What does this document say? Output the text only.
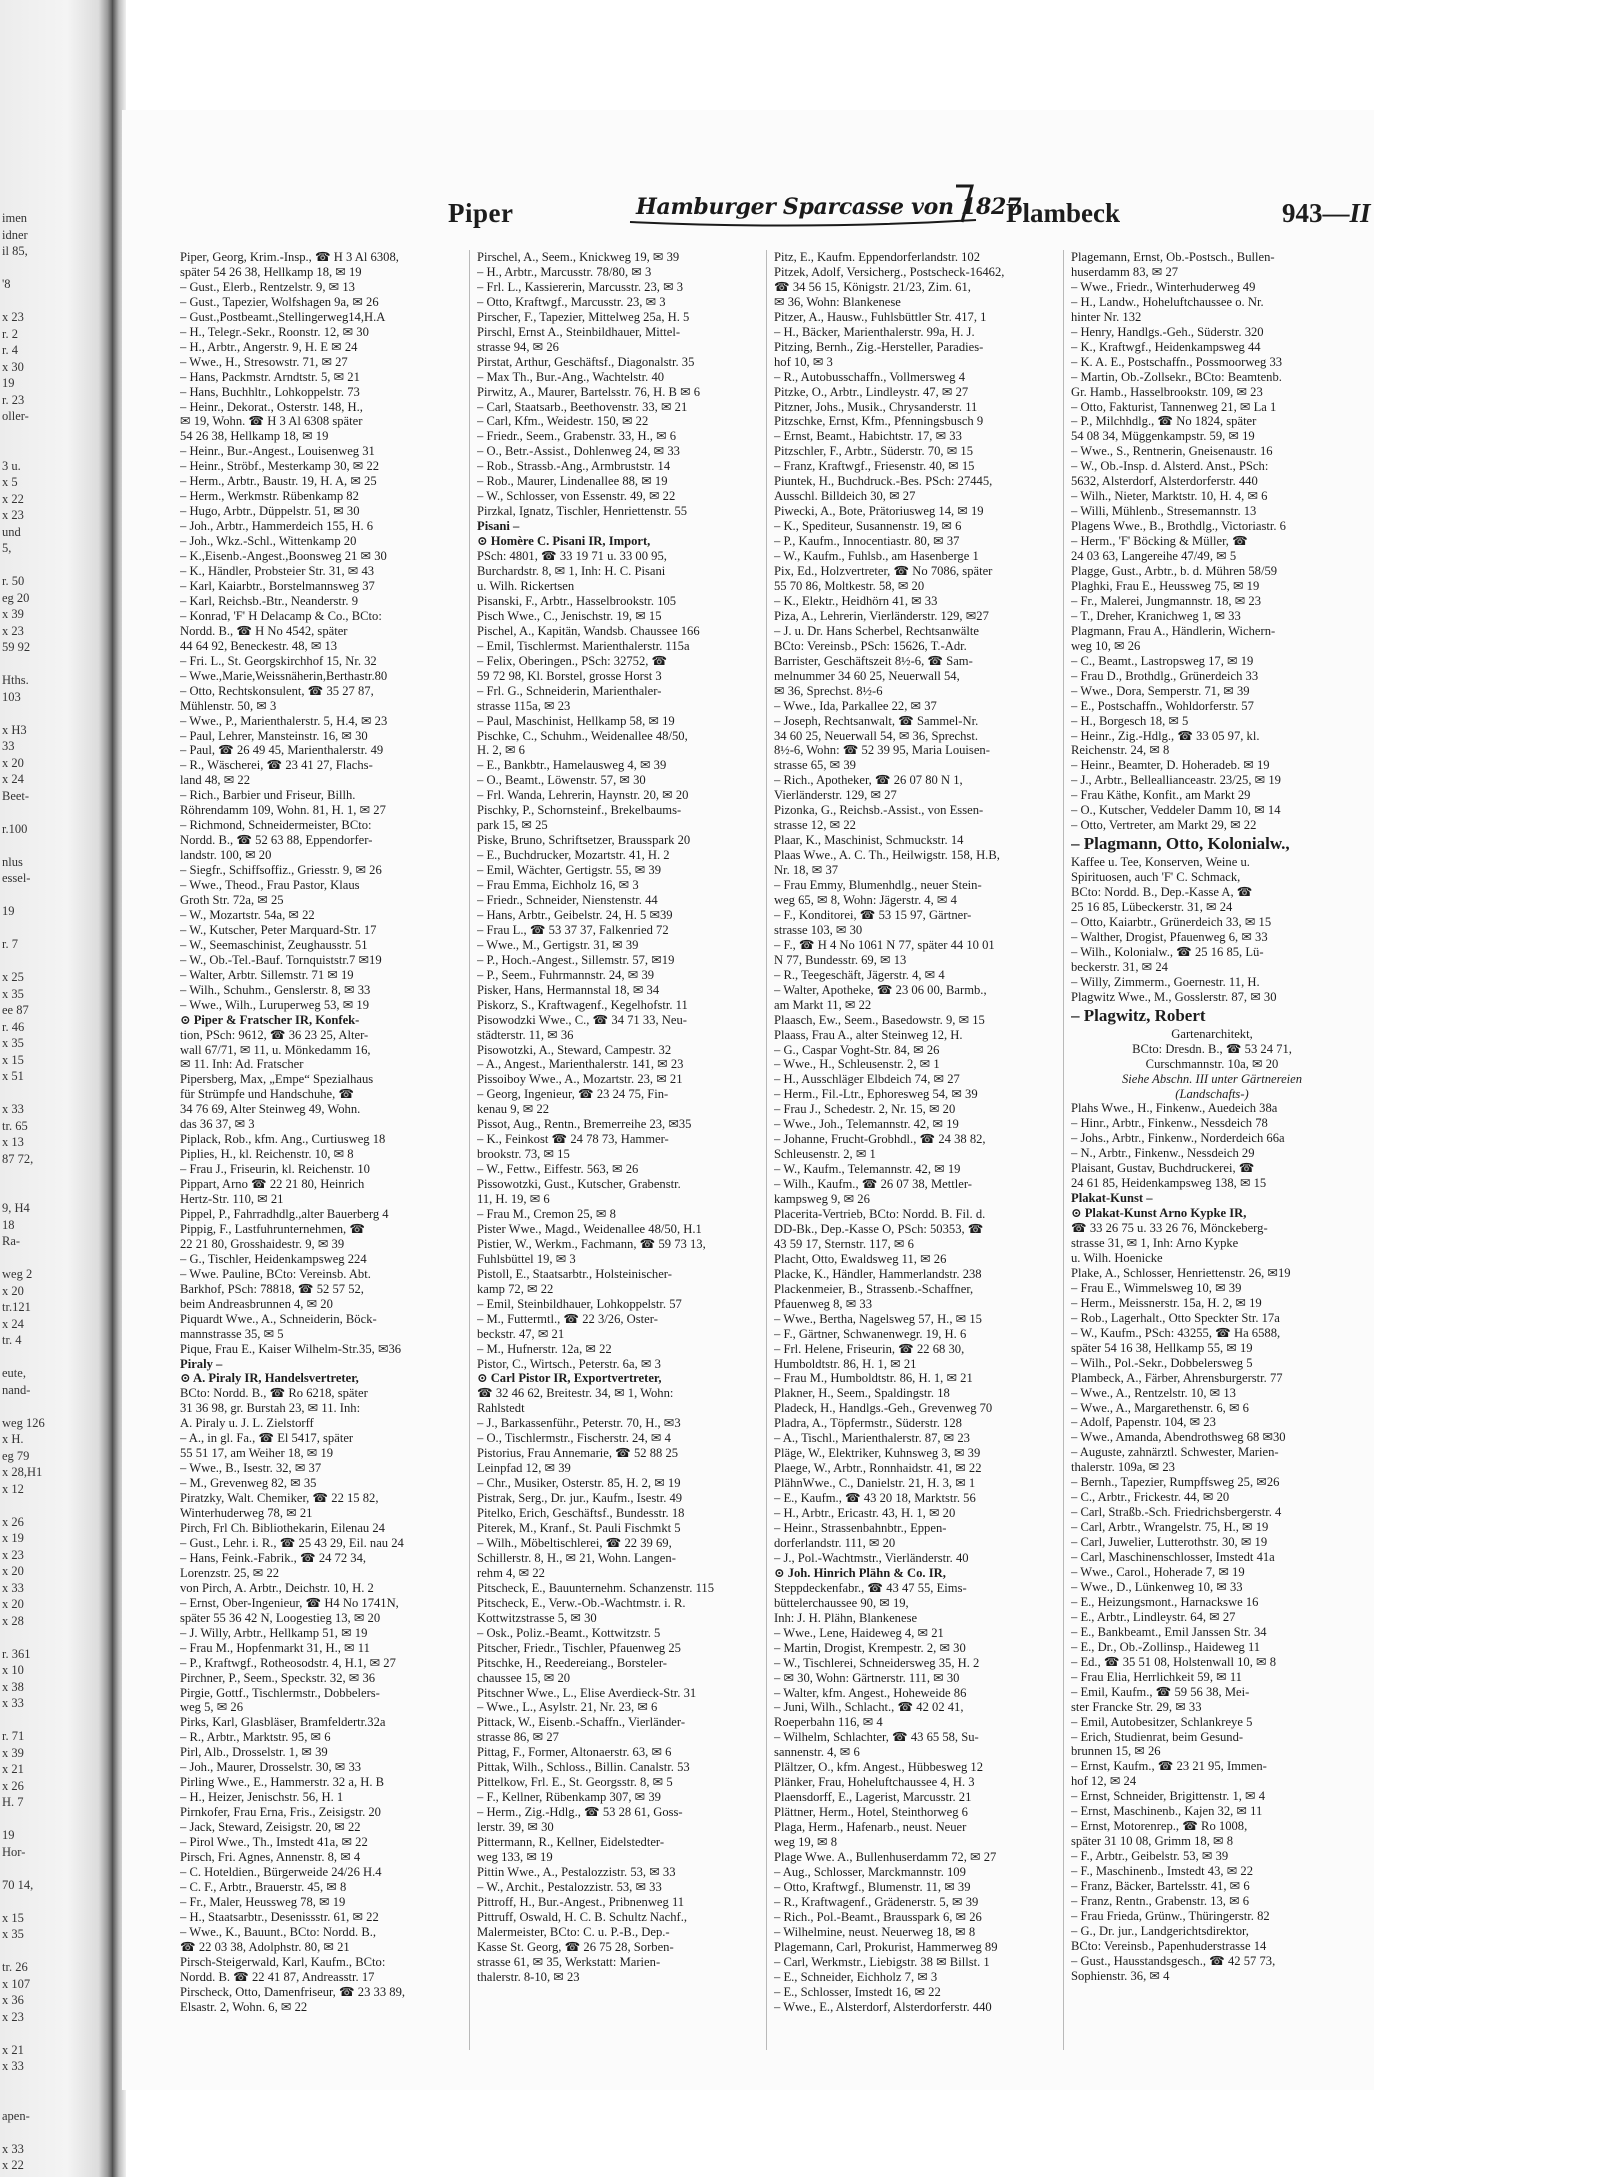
imen
idner
il 85,

'8

x 23
r. 2
r. 4
x 30
19
r. 23
oller-

3 u.
x 5
x 22
x 23
und
5,

r. 50
eg 20
x 39
x 23
59 92

Hths.
103

x H3
33
x 20
x 24
Beet-

r.100

nlus
essel-

19

r. 7

x 25
x 35
ee 87
r. 46
x 35
x 15
x 51

x 33
tr. 65
x 13
87 72,

9, H4
18
Ra-

weg 2
x 20
tr.121
x 24
tr. 4

eute,
nand-

weg 126
x H.
eg 79
x 28,H1
x 12

x 26
x 19
x 23
x 20
x 33
x 20
x 28

r. 361
x 10
x 38
x 33

r. 71
x 39
x 21
x 26
H. 7

19
Hor-

70 14,

x 15
x 35

tr. 26
x 107
x 36
x 23

x 21
x 33

apen-

x 33
x 22
Piper	Hamburger Sparcasse von 1827
Plambeck	943—II
Piper, Georg, Krim.-Insp., ☎ H 3 Al 6308,
später 54 26 38, Hellkamp 18, ✉ 19
– Gust., Elerb., Rentzelstr. 9, ✉ 13
– Gust., Tapezier, Wolfshagen 9a, ✉ 26
– Gust.,Postbeamt.,Stellingerweg14,H.A
– H., Telegr.-Sekr., Roonstr. 12, ✉ 30
– H., Arbtr., Angerstr. 9, H. E ✉ 24
– Wwe., H., Stresowstr. 71, ✉ 27
– Hans, Packmstr. Arndtstr. 5, ✉ 21
– Hans, Buchhltr., Lohkoppelstr. 73
– Heinr., Dekorat., Osterstr. 148, H.,
✉ 19, Wohn. ☎ H 3 Al 6308 später
54 26 38, Hellkamp 18, ✉ 19
– Heinr., Bur.-Angest., Louisenweg 31
– Heinr., Ströbf., Mesterkamp 30, ✉ 22
– Herm., Arbtr., Baustr. 19, H. A, ✉ 25
– Herm., Werkmstr. Rübenkamp 82
– Hugo, Arbtr., Düppelstr. 51, ✉ 30
– Joh., Arbtr., Hammerdeich 155, H. 6
– Joh., Wkz.-Schl., Wittenkamp 20
– K.,Eisenb.-Angest.,Boonsweg 21 ✉ 30
– K., Händler, Probsteier Str. 31, ✉ 43
– Karl, Kaiarbtr., Borstelmannsweg 37
– Karl, Reichsb.-Btr., Neanderstr. 9
– Konrad, 'F' H Delacamp & Co., BCto:
Nordd. B., ☎ H No 4542, später
44 64 92, Beneckestr. 48, ✉ 13
– Fri. L., St. Georgskirchhof 15, Nr. 32
– Wwe.,Marie,Weissnäherin,Berthastr.80
– Otto, Rechtskonsulent, ☎ 35 27 87,
Mühlenstr. 50, ✉ 3
– Wwe., P., Marienthalerstr. 5, H.4, ✉ 23
– Paul, Lehrer, Mansteinstr. 16, ✉ 30
– Paul, ☎ 26 49 45, Marienthalerstr. 49
– R., Wäscherei, ☎ 23 41 27, Flachs-
land 48, ✉ 22
– Rich., Barbier und Friseur, Billh.
Röhrendamm 109, Wohn. 81, H. 1, ✉ 27
– Richmond, Schneidermeister, BCto:
Nordd. B., ☎ 52 63 88, Eppendorfer-
landstr. 100, ✉ 20
– Siegfr., Schiffsoffiz., Griesstr. 9, ✉ 26
– Wwe., Theod., Frau Pastor, Klaus
Groth Str. 72a, ✉ 25
– W., Mozartstr. 54a, ✉ 22
– W., Kutscher, Peter Marquard-Str. 17
– W., Seemaschinist, Zeughausstr. 51
– W., Ob.-Tel.-Bauf. Tornquiststr.7 ✉19
– Walter, Arbtr. Sillemstr. 71 ✉ 19
– Wilh., Schuhm., Genslerstr. 8, ✉ 33
– Wwe., Wilh., Luruperweg 53, ✉ 19
⊙ Piper & Fratscher IR, Konfek-
tion, PSch: 9612, ☎ 36 23 25, Alter-
wall 67/71, ✉ 11, u. Mönkedamm 16,
✉ 11. Inh: Ad. Fratscher
Pipersberg, Max, „Empe“ Spezialhaus
für Strümpfe und Handschuhe, ☎
34 76 69, Alter Steinweg 49, Wohn.
das 36 37, ✉ 3
Piplack, Rob., kfm. Ang., Curtiusweg 18
Piplies, H., kl. Reichenstr. 10, ✉ 8
– Frau J., Friseurin, kl. Reichenstr. 10
Pippart, Arno ☎ 22 21 80, Heinrich
Hertz-Str. 110, ✉ 21
Pippel, P., Fahrradhdlg.,alter Bauerberg 4
Pippig, F., Lastfuhrunternehmen, ☎
22 21 80, Grosshaidestr. 9, ✉ 39
– G., Tischler, Heidenkampsweg 224
– Wwe. Pauline, BCto: Vereinsb. Abt.
Barkhof, PSch: 78818, ☎ 52 57 52,
beim Andreasbrunnen 4, ✉ 20
Piquardt Wwe., A., Schneiderin, Böck-
mannstrasse 35, ✉ 5
Pique, Frau E., Kaiser Wilhelm-Str.35, ✉36
Piraly –
⊙ A. Piraly IR, Handelsvertreter,
BCto: Nordd. B., ☎ Ro 6218, später
31 36 98, gr. Burstah 23, ✉ 11. Inh:
A. Piraly u. J. L. Zielstorff
– A., in gl. Fa., ☎ El 5417, später
55 51 17, am Weiher 18, ✉ 19
– Wwe., B., Isestr. 32, ✉ 37
– M., Grevenweg 82, ✉ 35
Piratzky, Walt. Chemiker, ☎ 22 15 82,
Winterhuderweg 78, ✉ 21
Pirch, Frl Ch. Bibliothekarin, Eilenau 24
– Gust., Lehr. i. R., ☎ 25 43 29, Eil. nau 24
– Hans, Feink.-Fabrik., ☎ 24 72 34,
Lorenzstr. 25, ✉ 22
von Pirch, A. Arbtr., Deichstr. 10, H. 2
– Ernst, Ober-Ingenieur, ☎ H4 No 1741N,
später 55 36 42 N, Loogestieg 13, ✉ 20
– J. Willy, Arbtr., Hellkamp 51, ✉ 19
– Frau M., Hopfenmarkt 31, H., ✉ 11
– P., Kraftwgf., Rotheosodstr. 4, H.1, ✉ 27
Pirchner, P., Seem., Speckstr. 32, ✉ 36
Pirgie, Gottf., Tischlermstr., Dobbelers-
weg 5, ✉ 26
Pirks, Karl, Glasbläser, Bramfeldertr.32a
– R., Arbtr., Marktstr. 95, ✉ 6
Pirl, Alb., Drosselstr. 1, ✉ 39
– Joh., Maurer, Drosselstr. 30, ✉ 33
Pirling Wwe., E., Hammerstr. 32 a, H. B
– H., Heizer, Jenischstr. 56, H. 1
Pirnkofer, Frau Erna, Fris., Zeisigstr. 20
– Jack, Steward, Zeisigstr. 20, ✉ 22
– Pirol Wwe., Th., Imstedt 41a, ✉ 22
Pirsch, Fri. Agnes, Annenstr. 8, ✉ 4
– C. Hoteldien., Bürgerweide 24/26 H.4
– C. F., Arbtr., Brauerstr. 45, ✉ 8
– Fr., Maler, Heussweg 78, ✉ 19
– H., Staatsarbtr., Desenissstr. 61, ✉ 22
– Wwe., K., Bauunt., BCto: Nordd. B.,
☎ 22 03 38, Adolphstr. 80, ✉ 21
Pirsch-Steigerwald, Karl, Kaufm., BCto:
Nordd. B. ☎ 22 41 87, Andreasstr. 17
Pirscheck, Otto, Damenfriseur, ☎ 23 33 89,
Elsastr. 2, Wohn. 6, ✉ 22
Pirschel, A., Seem., Knickweg 19, ✉ 39
– H., Arbtr., Marcusstr. 78/80, ✉ 3
– Frl. L., Kassiererin, Marcusstr. 23, ✉ 3
– Otto, Kraftwgf., Marcusstr. 23, ✉ 3
Pirscher, F., Tapezier, Mittelweg 25a, H. 5
Pirschl, Ernst A., Steinbildhauer, Mittel-
strasse 94, ✉ 26
Pirstat, Arthur, Geschäftsf., Diagonalstr. 35
– Max Th., Bur.-Ang., Wachtelstr. 40
Pirwitz, A., Maurer, Bartelsstr. 76, H. B ✉ 6
– Carl, Staatsarb., Beethovenstr. 33, ✉ 21
– Carl, Kfm., Weidestr. 150, ✉ 22
– Friedr., Seem., Grabenstr. 33, H., ✉ 6
– O., Betr.-Assist., Dohlenweg 24, ✉ 33
– Rob., Strassb.-Ang., Armbruststr. 14
– Rob., Maurer, Lindenallee 88, ✉ 19
– W., Schlosser, von Essenstr. 49, ✉ 22
Pirzkal, Ignatz, Tischler, Henriettenstr. 55
Pisani –
⊙ Homère C. Pisani IR, Import,
PSch: 4801, ☎ 33 19 71 u. 33 00 95,
Burchardstr. 8, ✉ 1, Inh: H. C. Pisani
u. Wilh. Rickertsen
Pisanski, F., Arbtr., Hasselbrookstr. 105
Pisch Wwe., C., Jenischstr. 19, ✉ 15
Pischel, A., Kapitän, Wandsb. Chaussee 166
– Emil, Tischlermst. Marienthalerstr. 115a
– Felix, Oberingen., PSch: 32752, ☎
59 72 98, Kl. Borstel, grosse Horst 3
– Frl. G., Schneiderin, Marienthaler-
strasse 115a, ✉ 23
– Paul, Maschinist, Hellkamp 58, ✉ 19
Pischke, C., Schuhm., Weidenallee 48/50,
H. 2, ✉ 6
– E., Bankbtr., Hamelausweg 4, ✉ 39
– O., Beamt., Löwenstr. 57, ✉ 30
– Frl. Wanda, Lehrerin, Haynstr. 20, ✉ 20
Pischky, P., Schornsteinf., Brekelbaums-
park 15, ✉ 25
Piske, Bruno, Schriftsetzer, Brausspark 20
– E., Buchdrucker, Mozartstr. 41, H. 2
– Emil, Wächter, Gertigstr. 55, ✉ 39
– Frau Emma, Eichholz 16, ✉ 3
– Friedr., Schneider, Nienstenstr. 44
– Hans, Arbtr., Geibelstr. 24, H. 5 ✉39
– Frau L., ☎ 53 37 37, Falkenried 72
– Wwe., M., Gertigstr. 31, ✉ 39
– P., Hoch.-Angest., Sillemstr. 57, ✉19
– P., Seem., Fuhrmannstr. 24, ✉ 39
Pisker, Hans, Hermannstal 18, ✉ 34
Piskorz, S., Kraftwagenf., Kegelhofstr. 11
Pisowodzki Wwe., C., ☎ 34 71 33, Neu-
städterstr. 11, ✉ 36
Pisowotzki, A., Steward, Campestr. 32
– A., Angest., Marienthalerstr. 141, ✉ 23
Pissoiboy Wwe., A., Mozartstr. 23, ✉ 21
– Georg, Ingenieur, ☎ 23 24 75, Fin-
kenau 9, ✉ 22
Pissot, Aug., Rentn., Bremerreihe 23, ✉35
– K., Feinkost ☎ 24 78 73, Hammer-
brookstr. 73, ✉ 15
– W., Fettw., Eiffestr. 563, ✉ 26
Pissowotzki, Gust., Kutscher, Grabenstr.
11, H. 19, ✉ 6
– Frau M., Cremon 25, ✉ 8
Pister Wwe., Magd., Weidenallee 48/50, H.1
Pistier, W., Werkm., Fachmann, ☎ 59 73 13,
Fuhlsbüttel 19, ✉ 3
Pistoll, E., Staatsarbtr., Holsteinischer-
kamp 72, ✉ 22
– Emil, Steinbildhauer, Lohkoppelstr. 57
– M., Futtermtl., ☎ 22 3/26, Oster-
beckstr. 47, ✉ 21
– M., Hufnerstr. 12a, ✉ 22
Pistor, C., Wirtsch., Peterstr. 6a, ✉ 3
⊙ Carl Pistor IR, Exportvertreter,
☎ 32 46 62, Breitestr. 34, ✉ 1, Wohn:
Rahlstedt
– J., Barkassenführ., Peterstr. 70, H., ✉3
– O., Tischlermstr., Fischerstr. 24, ✉ 4
Pistorius, Frau Annemarie, ☎ 52 88 25
Leinpfad 12, ✉ 39
– Chr., Musiker, Osterstr. 85, H. 2, ✉ 19
Pistrak, Serg., Dr. jur., Kaufm., Isestr. 49
Pitelko, Erich, Geschäftsf., Bundesstr. 18
Piterek, M., Kranf., St. Pauli Fischmkt 5
– Wilh., Möbeltischlerei, ☎ 22 39 69,
Schillerstr. 8, H., ✉ 21, Wohn. Langen-
rehm 4, ✉ 22
Pitscheck, E., Bauunternehm. Schanzenstr. 115
Pitscheck, E., Verw.-Ob.-Wachtmstr. i. R.
Kottwitzstrasse 5, ✉ 30
– Osk., Poliz.-Beamt., Kottwitzstr. 5
Pitscher, Friedr., Tischler, Pfauenweg 25
Pitschke, H., Reedereiang., Borsteler-
chaussee 15, ✉ 20
Pitschner Wwe., L., Elise Averdieck-Str. 31
– Wwe., L., Asylstr. 21, Nr. 23, ✉ 6
Pittack, W., Eisenb.-Schaffn., Vierländer-
strasse 86, ✉ 27
Pittag, F., Former, Altonaerstr. 63, ✉ 6
Pittak, Wilh., Schloss., Billin. Canalstr. 53
Pittelkow, Frl. E., St. Georgsstr. 8, ✉ 5
– F., Kellner, Rübenkamp 307, ✉ 39
– Herm., Zig.-Hdlg., ☎ 53 28 61, Goss-
lerstr. 39, ✉ 30
Pittermann, R., Kellner, Eidelstedter-
weg 133, ✉ 19
Pittin Wwe., A., Pestalozzistr. 53, ✉ 33
– W., Archit., Pestalozzistr. 53, ✉ 33
Pittroff, H., Bur.-Angest., Pribnenweg 11
Pittruff, Oswald, H. C. B. Schultz Nachf.,
Malermeister, BCto: C. u. P.-B., Dep.-
Kasse St. Georg, ☎ 26 75 28, Sorben-
strasse 61, ✉ 35, Werkstatt: Marien-
thalerstr. 8-10, ✉ 23
Pitz, E., Kaufm. Eppendorferlandstr. 102
Pitzek, Adolf, Versicherg., Postscheck-16462,
☎ 34 56 15, Königstr. 21/23, Zim. 61,
✉ 36, Wohn: Blankenese
Pitzer, A., Hausw., Fuhlsbüttler Str. 417, 1
– H., Bäcker, Marienthalerstr. 99a, H. J.
Pitzing, Bernh., Zig.-Hersteller, Paradies-
hof 10, ✉ 3
– R., Autobusschaffn., Vollmersweg 4
Pitzke, O., Arbtr., Lindleystr. 47, ✉ 27
Pitzner, Johs., Musik., Chrysanderstr. 11
Pitzschke, Ernst, Kfm., Pfenningsbusch 9
– Ernst, Beamt., Habichtstr. 17, ✉ 33
Pitzschler, F., Arbtr., Süderstr. 70, ✉ 15
– Franz, Kraftwgf., Friesenstr. 40, ✉ 15
Piuntek, H., Buchdruck.-Bes. PSch: 27445,
Ausschl. Billdeich 30, ✉ 27
Piwecki, A., Bote, Prätoriusweg 14, ✉ 19
– K., Spediteur, Susannenstr. 19, ✉ 6
– P., Kaufm., Innocentiastr. 80, ✉ 37
– W., Kaufm., Fuhlsb., am Hasenberge 1
Pix, Ed., Holzvertreter, ☎ No 7086, später
55 70 86, Moltkestr. 58, ✉ 20
– K., Elektr., Heidhörn 41, ✉ 33
Piza, A., Lehrerin, Vierländerstr. 129, ✉27
– J. u. Dr. Hans Scherbel, Rechtsanwälte
BCto: Vereinsb., PSch: 15626, T.-Adr.
Barrister, Geschäftszeit 8½-6, ☎ Sam-
melnummer 34 60 25, Neuerwall 54,
✉ 36, Sprechst. 8½-6
– Wwe., Ida, Parkallee 22, ✉ 37
– Joseph, Rechtsanwalt, ☎ Sammel-Nr.
34 60 25, Neuerwall 54, ✉ 36, Sprechst.
8½-6, Wohn: ☎ 52 39 95, Maria Louisen-
strasse 65, ✉ 39
– Rich., Apotheker, ☎ 26 07 80 N 1,
Vierländerstr. 129, ✉ 27
Pizonka, G., Reichsb.-Assist., von Essen-
strasse 12, ✉ 22
Plaar, K., Maschinist, Schmuckstr. 14
Plaas Wwe., A. C. Th., Heilwigstr. 158, H.B,
Nr. 18, ✉ 37
– Frau Emmy, Blumenhdlg., neuer Stein-
weg 65, ✉ 8, Wohn: Jägerstr. 4, ✉ 4
– F., Konditorei, ☎ 53 15 97, Gärtner-
strasse 103, ✉ 30
– F., ☎ H 4 No 1061 N 77, später 44 10 01
N 77, Bundesstr. 69, ✉ 13
– R., Teegeschäft, Jägerstr. 4, ✉ 4
– Walter, Apotheke, ☎ 23 06 00, Barmb.,
am Markt 11, ✉ 22
Plaasch, Ew., Seem., Basedowstr. 9, ✉ 15
Plaass, Frau A., alter Steinweg 12, H.
– G., Caspar Voght-Str. 84, ✉ 26
– Wwe., H., Schleusenstr. 2, ✉ 1
– H., Ausschläger Elbdeich 74, ✉ 27
– Herm., Fil.-Ltr., Ephoresweg 54, ✉ 39
– Frau J., Schedestr. 2, Nr. 15, ✉ 20
– Wwe., Joh., Telemannstr. 42, ✉ 19
– Johanne, Frucht-Grobhdl., ☎ 24 38 82,
Schleusenstr. 2, ✉ 1
– W., Kaufm., Telemannstr. 42, ✉ 19
– Wilh., Kaufm., ☎ 26 07 38, Mettler-
kampsweg 9, ✉ 26
Placerita-Vertrieb, BCto: Nordd. B. Fil. d.
DD-Bk., Dep.-Kasse O, PSch: 50353, ☎
43 59 17, Sternstr. 117, ✉ 6
Placht, Otto, Ewaldsweg 11, ✉ 26
Placke, K., Händler, Hammerlandstr. 238
Plackenmeier, B., Strassenb.-Schaffner,
Pfauenweg 8, ✉ 33
– Wwe., Bertha, Nagelsweg 57, H., ✉ 15
– F., Gärtner, Schwanenwegr. 19, H. 6
– Frl. Helene, Friseurin, ☎ 22 68 30,
Humboldtstr. 86, H. 1, ✉ 21
– Frau M., Humboldtstr. 86, H. 1, ✉ 21
Plakner, H., Seem., Spaldingstr. 18
Pladeck, H., Handlgs.-Geh., Grevenweg 70
Pladra, A., Töpfermstr., Süderstr. 128
– A., Tischl., Marienthalerstr. 87, ✉ 23
Pläge, W., Elektriker, Kuhnsweg 3, ✉ 39
Plaege, W., Arbtr., Ronnhaidstr. 41, ✉ 22
PlähnWwe., C., Danielstr. 21, H. 3, ✉ 1
– E., Kaufm., ☎ 43 20 18, Marktstr. 56
– H., Arbtr., Ericastr. 43, H. 1, ✉ 20
– Heinr., Strassenbahnbtr., Eppen-
dorferlandstr. 111, ✉ 20
– J., Pol.-Wachtmstr., Vierländerstr. 40
⊙ Joh. Hinrich Plähn & Co. IR,
Steppdeckenfabr., ☎ 43 47 55, Eims-
büttelerchaussee 90, ✉ 19,
Inh: J. H. Plähn, Blankenese
– Wwe., Lene, Haideweg 4, ✉ 21
– Martin, Drogist, Krempestr. 2, ✉ 30
– W., Tischlerei, Schneidersweg 35, H. 2
– ✉ 30, Wohn: Gärtnerstr. 111, ✉ 30
– Walter, kfm. Angest., Hoheweide 86
– Juni, Wilh., Schlacht., ☎ 42 02 41,
Roeperbahn 116, ✉ 4
– Wilhelm, Schlachter, ☎ 43 65 58, Su-
sannenstr. 4, ✉ 6
Plältzer, O., kfm. Angest., Hübbesweg 12
Plänker, Frau, Hoheluftchaussee 4, H. 3
Plaensdorff, E., Lagerist, Marcusstr. 21
Plättner, Herm., Hotel, Steinthorweg 6
Plaga, Herm., Hafenarb., neust. Neuer
weg 19, ✉ 8
Plage Wwe. A., Bullenhuserdamm 72, ✉ 27
– Aug., Schlosser, Marckmannstr. 109
– Otto, Kraftwgf., Blumenstr. 11, ✉ 39
– R., Kraftwagenf., Grädenerstr. 5, ✉ 39
– Rich., Pol.-Beamt., Brausspark 6, ✉ 26
– Wilhelmine, neust. Neuerweg 18, ✉ 8
Plagemann, Carl, Prokurist, Hammerweg 89
– Carl, Werkmstr., Liebigstr. 38 ✉ Billst. 1
– E., Schneider, Eichholz 7, ✉ 3
– E., Schlosser, Imstedt 16, ✉ 22
– Wwe., E., Alsterdorf, Alsterdorferstr. 440
Plagemann, Ernst, Ob.-Postsch., Bullen-
huserdamm 83, ✉ 27
– Wwe., Friedr., Winterhuderweg 49
– H., Landw., Hoheluftchaussee o. Nr.
hinter Nr. 132
– Henry, Handlgs.-Geh., Süderstr. 320
– K., Kraftwgf., Heidenkampsweg 44
– K. A. E., Postschaffn., Possmoorweg 33
– Martin, Ob.-Zollsekr., BCto: Beamtenb.
Gr. Hamb., Hasselbrookstr. 109, ✉ 23
– Otto, Fakturist, Tannenweg 21, ✉ La 1
– P., Milchhdlg., ☎ No 1824, später
54 08 34, Müggenkampstr. 59, ✉ 19
– Wwe., S., Rentnerin, Gneisenaustr. 16
– W., Ob.-Insp. d. Alsterd. Anst., PSch:
5632, Alsterdorf, Alsterdorferstr. 440
– Wilh., Nieter, Marktstr. 10, H. 4, ✉ 6
– Willi, Mühlenb., Stresemannstr. 13
Plagens Wwe., B., Brothdlg., Victoriastr. 6
– Herm., 'F' Böcking & Müller, ☎
24 03 63, Langereihe 47/49, ✉ 5
Plagge, Gust., Arbtr., b. d. Mühren 58/59
Plaghki, Frau E., Heussweg 75, ✉ 19
– Fr., Malerei, Jungmannstr. 18, ✉ 23
– T., Dreher, Kranichweg 1, ✉ 33
Plagmann, Frau A., Händlerin, Wichern-
weg 10, ✉ 26
– C., Beamt., Lastropsweg 17, ✉ 19
– Frau D., Brothdlg., Grünerdeich 33
– Wwe., Dora, Semperstr. 71, ✉ 39
– E., Postschaffn., Wohldorferstr. 57
– H., Borgesch 18, ✉ 5
– Heinr., Zig.-Hdlg., ☎ 33 05 97, kl.
Reichenstr. 24, ✉ 8
– Heinr., Beamter, D. Hoheradeb. ✉ 19
– J., Arbtr., Belleallianceastr. 23/25, ✉ 19
– Frau Käthe, Konfit., am Markt 29
– O., Kutscher, Veddeler Damm 10, ✉ 14
– Otto, Vertreter, am Markt 29, ✉ 22
– Plagmann, Otto, Kolonialw.,
Kaffee u. Tee, Konserven, Weine u.
Spirituosen, auch 'F' C. Schmack,
BCto: Nordd. B., Dep.-Kasse A, ☎
25 16 85, Lübeckerstr. 31, ✉ 24
– Otto, Kaiarbtr., Grünerdeich 33, ✉ 15
– Walther, Drogist, Pfauenweg 6, ✉ 33
– Wilh., Kolonialw., ☎ 25 16 85, Lü-
beckerstr. 31, ✉ 24
– Willy, Zimmerm., Goernestr. 11, H.
Plagwitz Wwe., M., Gosslerstr. 87, ✉ 30
– Plagwitz, Robert
Gartenarchitekt,
BCto: Dresdn. B., ☎ 53 24 71,
Curschmannstr. 10a, ✉ 20
Siehe Abschn. III unter Gärtnereien
(Landschafts-)
Plahs Wwe., H., Finkenw., Auedeich 38a
– Hinr., Arbtr., Finkenw., Nessdeich 78
– Johs., Arbtr., Finkenw., Norderdeich 66a
– N., Arbtr., Finkenw., Nessdeich 29
Plaisant, Gustav, Buchdruckerei, ☎
24 61 85, Heidenkampsweg 138, ✉ 15
Plakat-Kunst –
⊙ Plakat-Kunst Arno Kypke IR,
☎ 33 26 75 u. 33 26 76, Mönckeberg-
strasse 31, ✉ 1, Inh: Arno Kypke
u. Wilh. Hoenicke
Plake, A., Schlosser, Henriettenstr. 26, ✉19
– Frau E., Wimmelsweg 10, ✉ 39
– Herm., Meissnerstr. 15a, H. 2, ✉ 19
– Rob., Lagerhalt., Otto Speckter Str. 17a
– W., Kaufm., PSch: 43255, ☎ Ha 6588,
später 54 16 38, Hellkamp 55, ✉ 19
– Wilh., Pol.-Sekr., Dobbelersweg 5
Plambeck, A., Färber, Ahrensburgerstr. 77
– Wwe., A., Rentzelstr. 10, ✉ 13
– Wwe., A., Margarethenstr. 6, ✉ 6
– Adolf, Papenstr. 104, ✉ 23
– Wwe., Amanda, Abendrothsweg 68 ✉30
– Auguste, zahnärztl. Schwester, Marien-
thalerstr. 109a, ✉ 23
– Bernh., Tapezier, Rumpffsweg 25, ✉26
– C., Arbtr., Frickestr. 44, ✉ 20
– Carl, Straßb.-Sch. Friedrichsbergerstr. 4
– Carl, Arbtr., Wrangelstr. 75, H., ✉ 19
– Carl, Juwelier, Lutterothstr. 30, ✉ 19
– Carl, Maschinenschlosser, Imstedt 41a
– Wwe., Carol., Hoherade 7, ✉ 19
– Wwe., D., Lünkenweg 10, ✉ 33
– E., Heizungsmont., Harnackswe 16
– E., Arbtr., Lindleystr. 64, ✉ 27
– E., Bankbeamt., Emil Janssen Str. 34
– E., Dr., Ob.-Zollinsp., Haideweg 11
– Ed., ☎ 35 51 08, Holstenwall 10, ✉ 8
– Frau Elia, Herrlichkeit 59, ✉ 11
– Emil, Kaufm., ☎ 59 56 38, Mei-
ster Francke Str. 29, ✉ 33
– Emil, Autobesitzer, Schlankreye 5
– Erich, Studienrat, beim Gesund-
brunnen 15, ✉ 26
– Ernst, Kaufm., ☎ 23 21 95, Immen-
hof 12, ✉ 24
– Ernst, Schneider, Brigittenstr. 1, ✉ 4
– Ernst, Maschinenb., Kajen 32, ✉ 11
– Ernst, Motorenrep., ☎ Ro 1008,
später 31 10 08, Grimm 18, ✉ 8
– F., Arbtr., Geibelstr. 53, ✉ 39
– F., Maschinenb., Imstedt 43, ✉ 22
– Franz, Bäcker, Bartelsstr. 41, ✉ 6
– Franz, Rentn., Grabenstr. 13, ✉ 6
– Frau Frieda, Grünw., Thüringerstr. 82
– G., Dr. jur., Landgerichtsdirektor,
BCto: Vereinsb., Papenhuderstrasse 14
– Gust., Hausstandsgesch., ☎ 42 57 73,
Sophienstr. 36, ✉ 4
